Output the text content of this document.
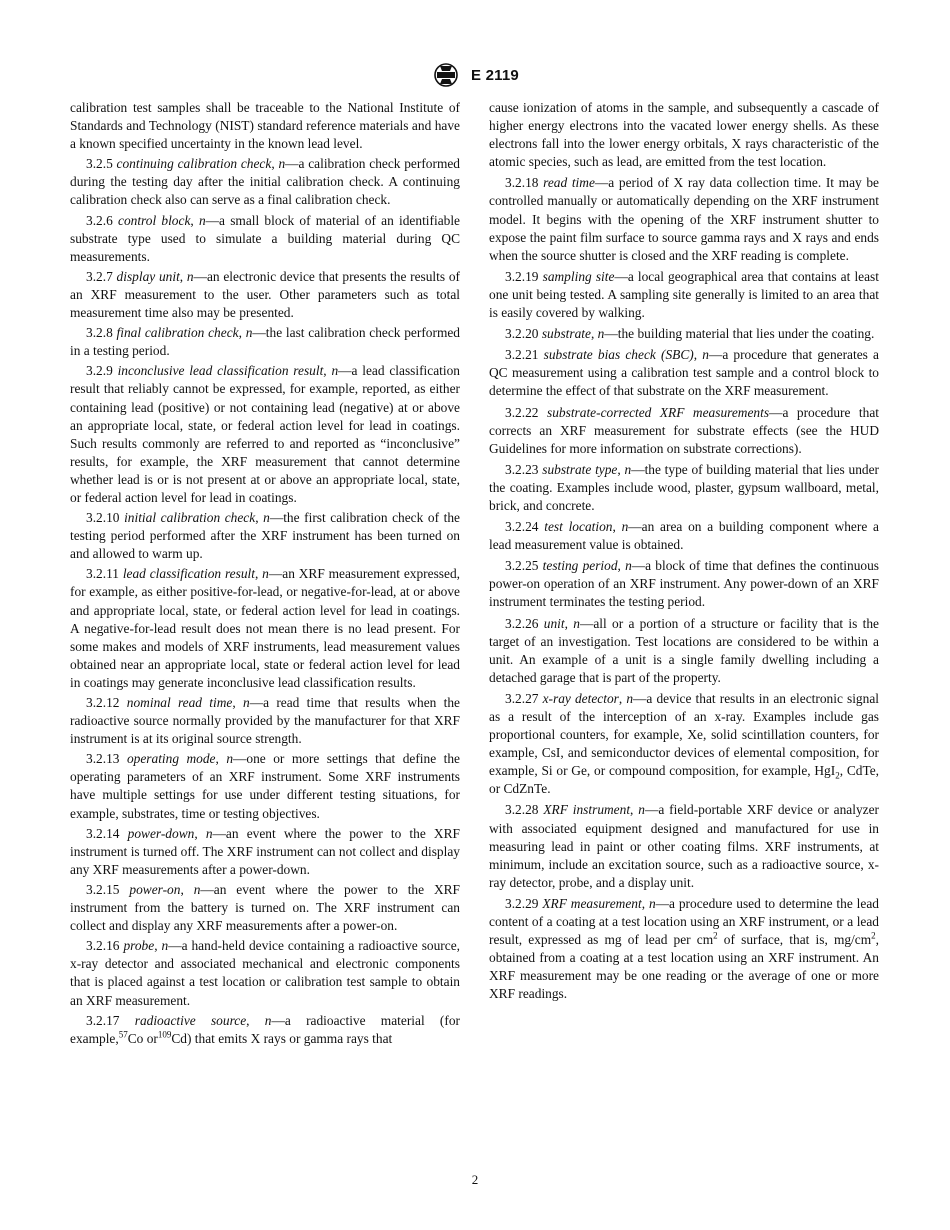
E 2119

calibration test samples shall be traceable to the National Institute of Standards and Technology (NIST) standard reference materials and have a known specified uncertainty in the known lead level.

3.2.5 continuing calibration check, n—a calibration check performed during the testing day after the initial calibration check. A continuing calibration check also can serve as a final calibration check.

3.2.6 control block, n—a small block of material of an identifiable substrate type used to simulate a building material during QC measurements.

3.2.7 display unit, n—an electronic device that presents the results of an XRF measurement to the user. Other parameters such as total measurement time also may be presented.

3.2.8 final calibration check, n—the last calibration check performed in a testing period.

3.2.9 inconclusive lead classification result, n—a lead classification result that reliably cannot be expressed, for example, reported, as either containing lead (positive) or not containing lead (negative) at or above an appropriate local, state, or federal action level for lead in coatings. Such results commonly are referred to and reported as “inconclusive” results, for example, the XRF measurement that cannot determine whether lead is or is not present at or above an appropriate local, state, or federal action level for lead in coatings.

3.2.10 initial calibration check, n—the first calibration check of the testing period performed after the XRF instrument has been turned on and allowed to warm up.

3.2.11 lead classification result, n—an XRF measurement expressed, for example, as either positive-for-lead, or negative-for-lead, at or above and appropriate local, state, or federal action level for lead in coatings. A negative-for-lead result does not mean there is no lead present. For some makes and models of XRF instruments, lead measurement values obtained near an appropriate local, state or federal action level for lead in coatings may generate inconclusive lead classification results.

3.2.12 nominal read time, n—a read time that results when the radioactive source normally provided by the manufacturer for that XRF instrument is at its original source strength.

3.2.13 operating mode, n—one or more settings that define the operating parameters of an XRF instrument. Some XRF instruments have multiple settings for use under different testing situations, for example, substrates, time or testing objectives.

3.2.14 power-down, n—an event where the power to the XRF instrument is turned off. The XRF instrument can not collect and display any XRF measurements after a power-down.

3.2.15 power-on, n—an event where the power to the XRF instrument from the battery is turned on. The XRF instrument can collect and display any XRF measurements after a power-on.

3.2.16 probe, n—a hand-held device containing a radioactive source, x-ray detector and associated mechanical and electronic components that is placed against a test location or calibration test sample to obtain an XRF measurement.

3.2.17 radioactive source, n—a radioactive material (for example,$^{57}$Co $or^{109}Cd$) that emits X rays or gamma rays that

cause ionization of atoms in the sample, and subsequently a cascade of higher energy electrons into the vacated lower energy shells. As these electrons fall into the lower energy orbitals, X rays characteristic of the atomic species, such as lead, are emitted from the test location.

3.2.18 read time—a period of X ray data collection time. It may be controlled manually or automatically depending on the XRF instrument model. It begins with the opening of the XRF instrument shutter to expose the paint film surface to source gamma rays and X rays and ends when the source shutter is closed and the XRF reading is complete.

3.2.19 sampling site—a local geographical area that contains at least one unit being tested. A sampling site generally is limited to an area that is easily covered by walking.

3.2.20 substrate, n—the building material that lies under the coating.

3.2.21 substrate bias check (SBC), n—a procedure that generates a QC measurement using a calibration test sample and a control block to determine the effect of that substrate on the XRF measurement.

3.2.22 substrate-corrected XRF measurements—a procedure that corrects an XRF measurement for substrate effects (see the HUD Guidelines for more information on substrate corrections).

3.2.23 substrate type, n—the type of building material that lies under the coating. Examples include wood, plaster, gypsum wallboard, metal, brick, and concrete.

3.2.24 test location, n—an area on a building component where a lead measurement value is obtained.

3.2.25 testing period, n—a block of time that defines the continuous power-on operation of an XRF instrument. Any power-down of an XRF instrument terminates the testing period.

3.2.26 unit, n—all or a portion of a structure or facility that is the target of an investigation. Test locations are considered to be within a unit. An example of a unit is a single family dwelling including a detached garage that is part of the property.

3.2.27 x-ray detector, n—a device that results in an electronic signal as a result of the interception of an x-ray. Examples include gas proportional counters, for example, Xe, solid scintillation counters, for example, CsI, and semiconductor devices of elemental composition, for example, Si or Ge, or compound composition, for example, HgI$_2$, CdTe, or CdZnTe.

3.2.28 XRF instrument, n—a field-portable XRF device or analyzer with associated equipment designed and manufactured for use in measuring lead in paint or other coating films. XRF instruments, at minimum, include an excitation source, such as a radioactive source, x-ray detector, probe, and a display unit.

3.2.29 XRF measurement, n—a procedure used to determine the lead content of a coating at a test location using an XRF instrument, or a lead result, expressed as mg of lead per $cm^2$ of surface, that is, $mg/cm^2$, obtained from a coating at a test location using an XRF instrument. An XRF measurement may be one reading or the average of one or more XRF readings.

2
